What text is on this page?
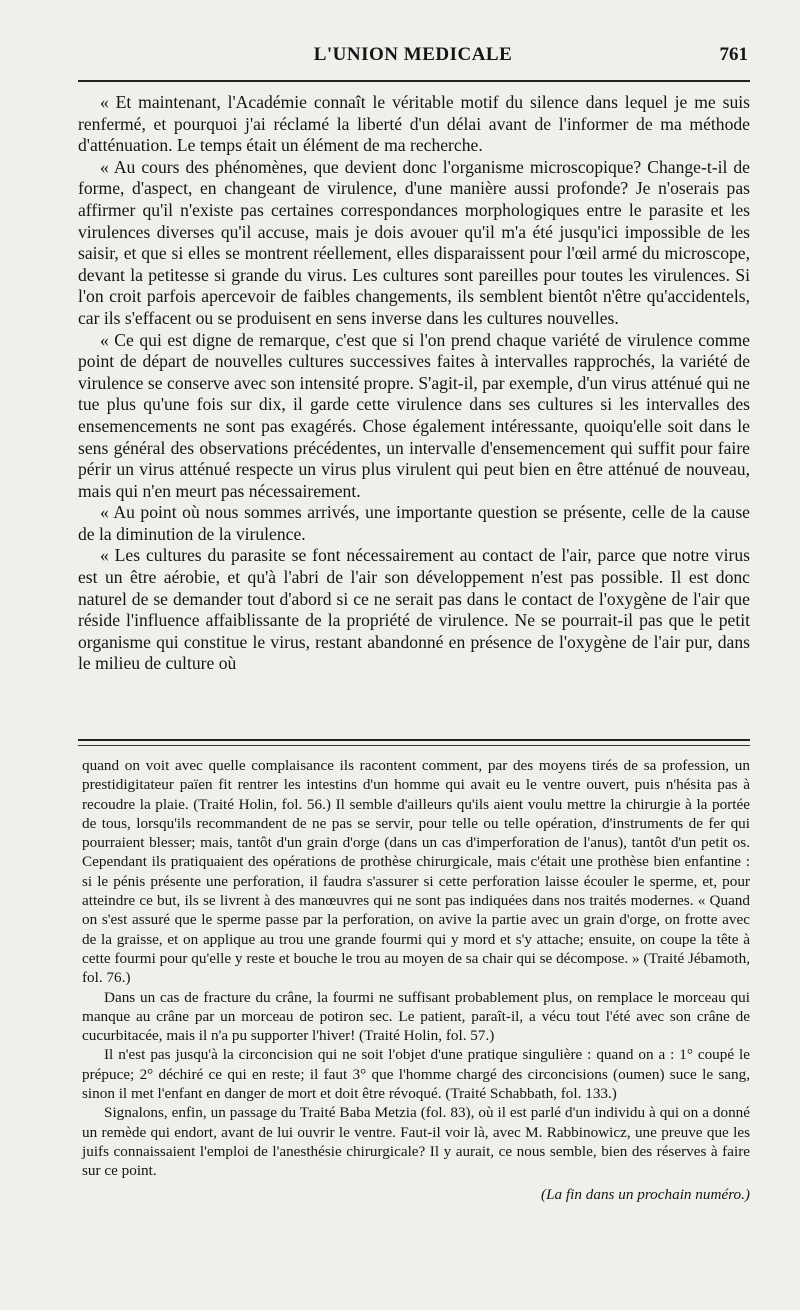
L'UNION MEDICALE	761

« Et maintenant, l'Académie connaît le véritable motif du silence dans lequel je me suis renfermé, et pourquoi j'ai réclamé la liberté d'un délai avant de l'informer de ma méthode d'atténuation. Le temps était un élément de ma recherche.

« Au cours des phénomènes, que devient donc l'organisme microscopique? Change-t-il de forme, d'aspect, en changeant de virulence, d'une manière aussi profonde? Je n'oserais pas affirmer qu'il n'existe pas certaines correspondances morphologiques entre le parasite et les virulences diverses qu'il accuse, mais je dois avouer qu'il m'a été jusqu'ici impossible de les saisir, et que si elles se montrent réellement, elles disparaissent pour l'œil armé du microscope, devant la petitesse si grande du virus. Les cultures sont pareilles pour toutes les virulences. Si l'on croit parfois apercevoir de faibles changements, ils semblent bientôt n'être qu'accidentels, car ils s'effacent ou se produisent en sens inverse dans les cultures nouvelles.

« Ce qui est digne de remarque, c'est que si l'on prend chaque variété de virulence comme point de départ de nouvelles cultures successives faites à intervalles rapprochés, la variété de virulence se conserve avec son intensité propre. S'agit-il, par exemple, d'un virus atténué qui ne tue plus qu'une fois sur dix, il garde cette virulence dans ses cultures si les intervalles des ensemencements ne sont pas exagérés. Chose également intéressante, quoiqu'elle soit dans le sens général des observations précédentes, un intervalle d'ensemencement qui suffit pour faire périr un virus atténué respecte un virus plus virulent qui peut bien en être atténué de nouveau, mais qui n'en meurt pas nécessairement.

« Au point où nous sommes arrivés, une importante question se présente, celle de la cause de la diminution de la virulence.

« Les cultures du parasite se font nécessairement au contact de l'air, parce que notre virus est un être aérobie, et qu'à l'abri de l'air son développement n'est pas possible. Il est donc naturel de se demander tout d'abord si ce ne serait pas dans le contact de l'oxygène de l'air que réside l'influence affaiblissante de la propriété de virulence. Ne se pourrait-il pas que le petit organisme qui constitue le virus, restant abandonné en présence de l'oxygène de l'air pur, dans le milieu de culture où

quand on voit avec quelle complaisance ils racontent comment, par des moyens tirés de sa profession, un prestidigitateur païen fit rentrer les intestins d'un homme qui avait eu le ventre ouvert, puis n'hésita pas à recoudre la plaie. (Traité Holin, fol. 56.) Il semble d'ailleurs qu'ils aient voulu mettre la chirurgie à la portée de tous, lorsqu'ils recommandent de ne pas se servir, pour telle ou telle opération, d'instruments de fer qui pourraient blesser; mais, tantôt d'un grain d'orge (dans un cas d'imperforation de l'anus), tantôt d'un petit os. Cependant ils pratiquaient des opérations de prothèse chirurgicale, mais c'était une prothèse bien enfantine : si le pénis présente une perforation, il faudra s'assurer si cette perforation laisse écouler le sperme, et, pour atteindre ce but, ils se livrent à des manœuvres qui ne sont pas indiquées dans nos traités modernes. « Quand on s'est assuré que le sperme passe par la perforation, on avive la partie avec un grain d'orge, on frotte avec de la graisse, et on applique au trou une grande fourmi qui y mord et s'y attache; ensuite, on coupe la tête à cette fourmi pour qu'elle y reste et bouche le trou au moyen de sa chair qui se décompose. » (Traité Jébamoth, fol. 76.)

Dans un cas de fracture du crâne, la fourmi ne suffisant probablement plus, on remplace le morceau qui manque au crâne par un morceau de potiron sec. Le patient, paraît-il, a vécu tout l'été avec son crâne de cucurbitacée, mais il n'a pu supporter l'hiver! (Traité Holin, fol. 57.)

Il n'est pas jusqu'à la circoncision qui ne soit l'objet d'une pratique singulière : quand on a : 1° coupé le prépuce; 2° déchiré ce qui en reste; il faut 3° que l'homme chargé des circoncisions (oumen) suce le sang, sinon il met l'enfant en danger de mort et doit être révoqué. (Traité Schabbath, fol. 133.)

Signalons, enfin, un passage du Traité Baba Metzia (fol. 83), où il est parlé d'un individu à qui on a donné un remède qui endort, avant de lui ouvrir le ventre. Faut-il voir là, avec M. Rabbinowicz, une preuve que les juifs connaissaient l'emploi de l'anesthésie chirurgicale? Il y aurait, ce nous semble, bien des réserves à faire sur ce point.

(La fin dans un prochain numéro.)
